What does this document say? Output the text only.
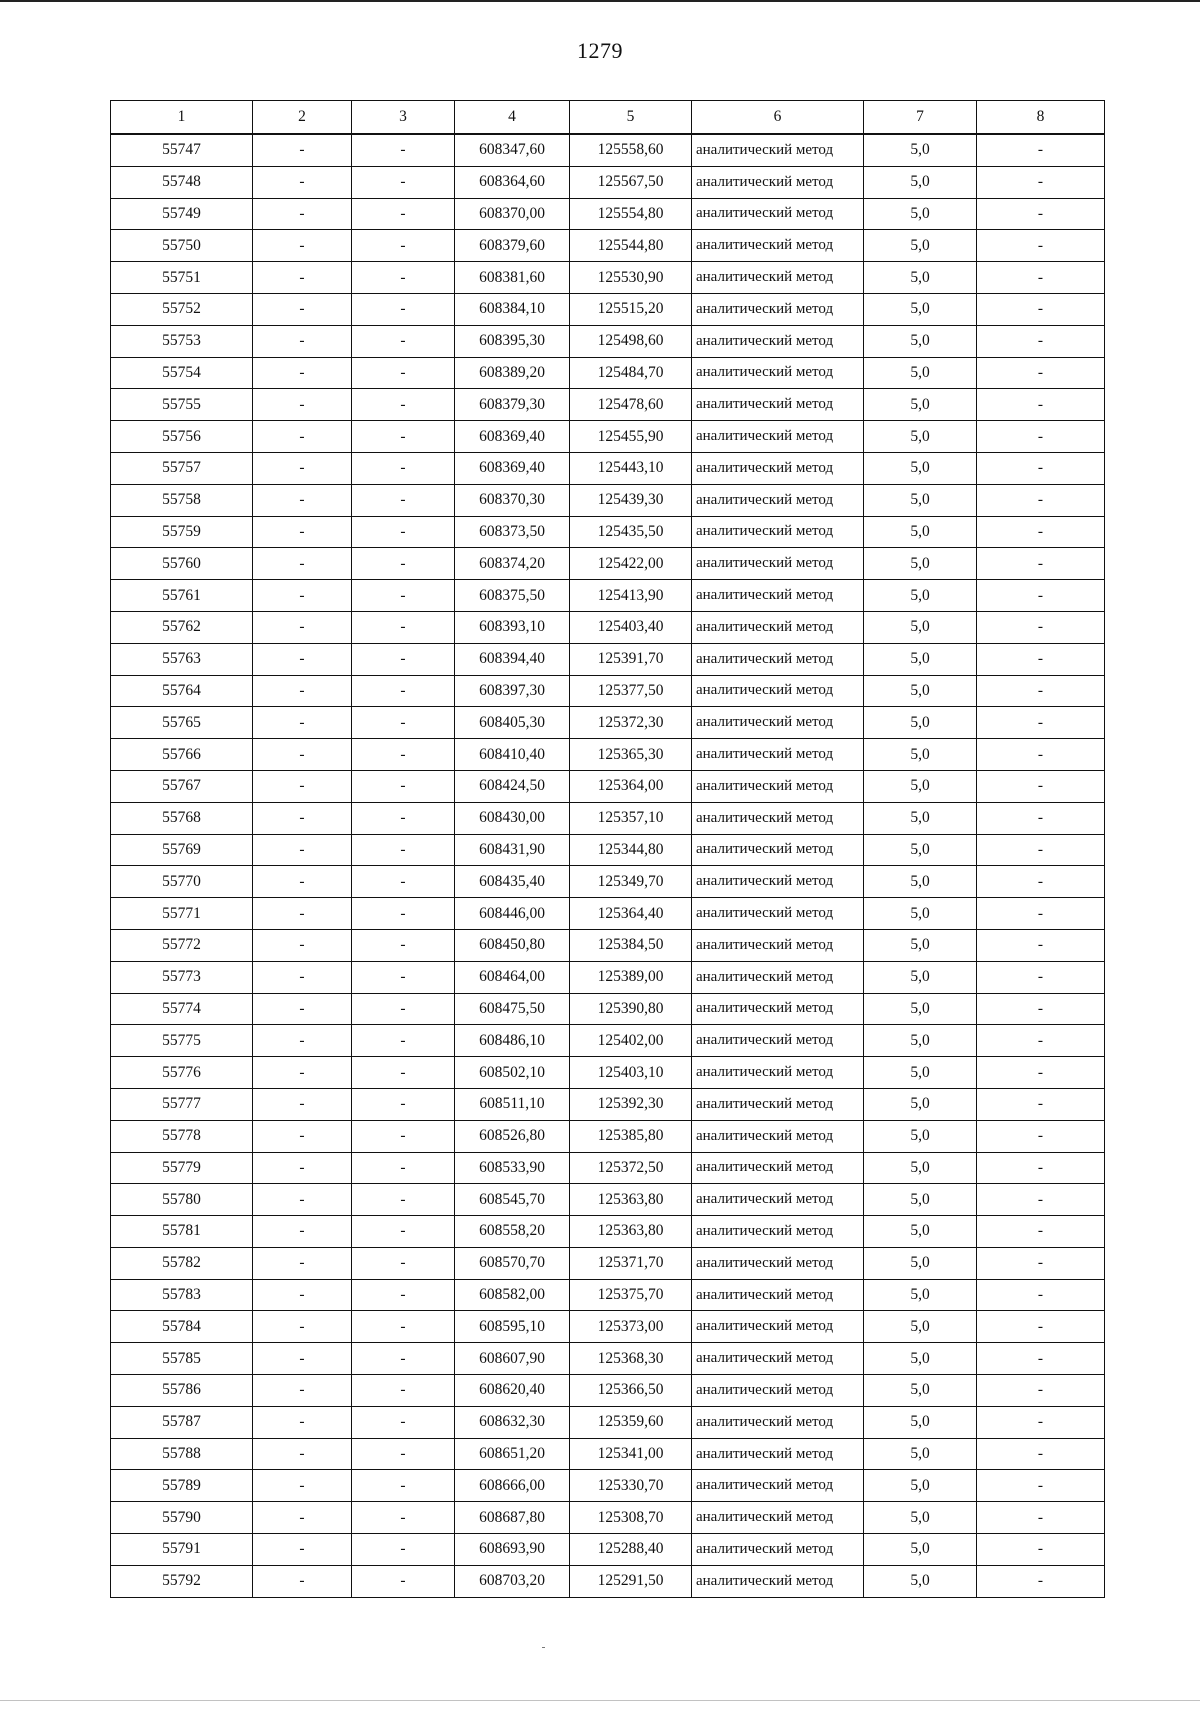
1279
1	2	3	4	5	6	7	8
55747	-	-	608347,60	125558,60	аналитический метод	5,0	-
55748	-	-	608364,60	125567,50	аналитический метод	5,0	-
55749	-	-	608370,00	125554,80	аналитический метод	5,0	-
55750	-	-	608379,60	125544,80	аналитический метод	5,0	-
55751	-	-	608381,60	125530,90	аналитический метод	5,0	-
55752	-	-	608384,10	125515,20	аналитический метод	5,0	-
55753	-	-	608395,30	125498,60	аналитический метод	5,0	-
55754	-	-	608389,20	125484,70	аналитический метод	5,0	-
55755	-	-	608379,30	125478,60	аналитический метод	5,0	-
55756	-	-	608369,40	125455,90	аналитический метод	5,0	-
55757	-	-	608369,40	125443,10	аналитический метод	5,0	-
55758	-	-	608370,30	125439,30	аналитический метод	5,0	-
55759	-	-	608373,50	125435,50	аналитический метод	5,0	-
55760	-	-	608374,20	125422,00	аналитический метод	5,0	-
55761	-	-	608375,50	125413,90	аналитический метод	5,0	-
55762	-	-	608393,10	125403,40	аналитический метод	5,0	-
55763	-	-	608394,40	125391,70	аналитический метод	5,0	-
55764	-	-	608397,30	125377,50	аналитический метод	5,0	-
55765	-	-	608405,30	125372,30	аналитический метод	5,0	-
55766	-	-	608410,40	125365,30	аналитический метод	5,0	-
55767	-	-	608424,50	125364,00	аналитический метод	5,0	-
55768	-	-	608430,00	125357,10	аналитический метод	5,0	-
55769	-	-	608431,90	125344,80	аналитический метод	5,0	-
55770	-	-	608435,40	125349,70	аналитический метод	5,0	-
55771	-	-	608446,00	125364,40	аналитический метод	5,0	-
55772	-	-	608450,80	125384,50	аналитический метод	5,0	-
55773	-	-	608464,00	125389,00	аналитический метод	5,0	-
55774	-	-	608475,50	125390,80	аналитический метод	5,0	-
55775	-	-	608486,10	125402,00	аналитический метод	5,0	-
55776	-	-	608502,10	125403,10	аналитический метод	5,0	-
55777	-	-	608511,10	125392,30	аналитический метод	5,0	-
55778	-	-	608526,80	125385,80	аналитический метод	5,0	-
55779	-	-	608533,90	125372,50	аналитический метод	5,0	-
55780	-	-	608545,70	125363,80	аналитический метод	5,0	-
55781	-	-	608558,20	125363,80	аналитический метод	5,0	-
55782	-	-	608570,70	125371,70	аналитический метод	5,0	-
55783	-	-	608582,00	125375,70	аналитический метод	5,0	-
55784	-	-	608595,10	125373,00	аналитический метод	5,0	-
55785	-	-	608607,90	125368,30	аналитический метод	5,0	-
55786	-	-	608620,40	125366,50	аналитический метод	5,0	-
55787	-	-	608632,30	125359,60	аналитический метод	5,0	-
55788	-	-	608651,20	125341,00	аналитический метод	5,0	-
55789	-	-	608666,00	125330,70	аналитический метод	5,0	-
55790	-	-	608687,80	125308,70	аналитический метод	5,0	-
55791	-	-	608693,90	125288,40	аналитический метод	5,0	-
55792	-	-	608703,20	125291,50	аналитический метод	5,0	-
